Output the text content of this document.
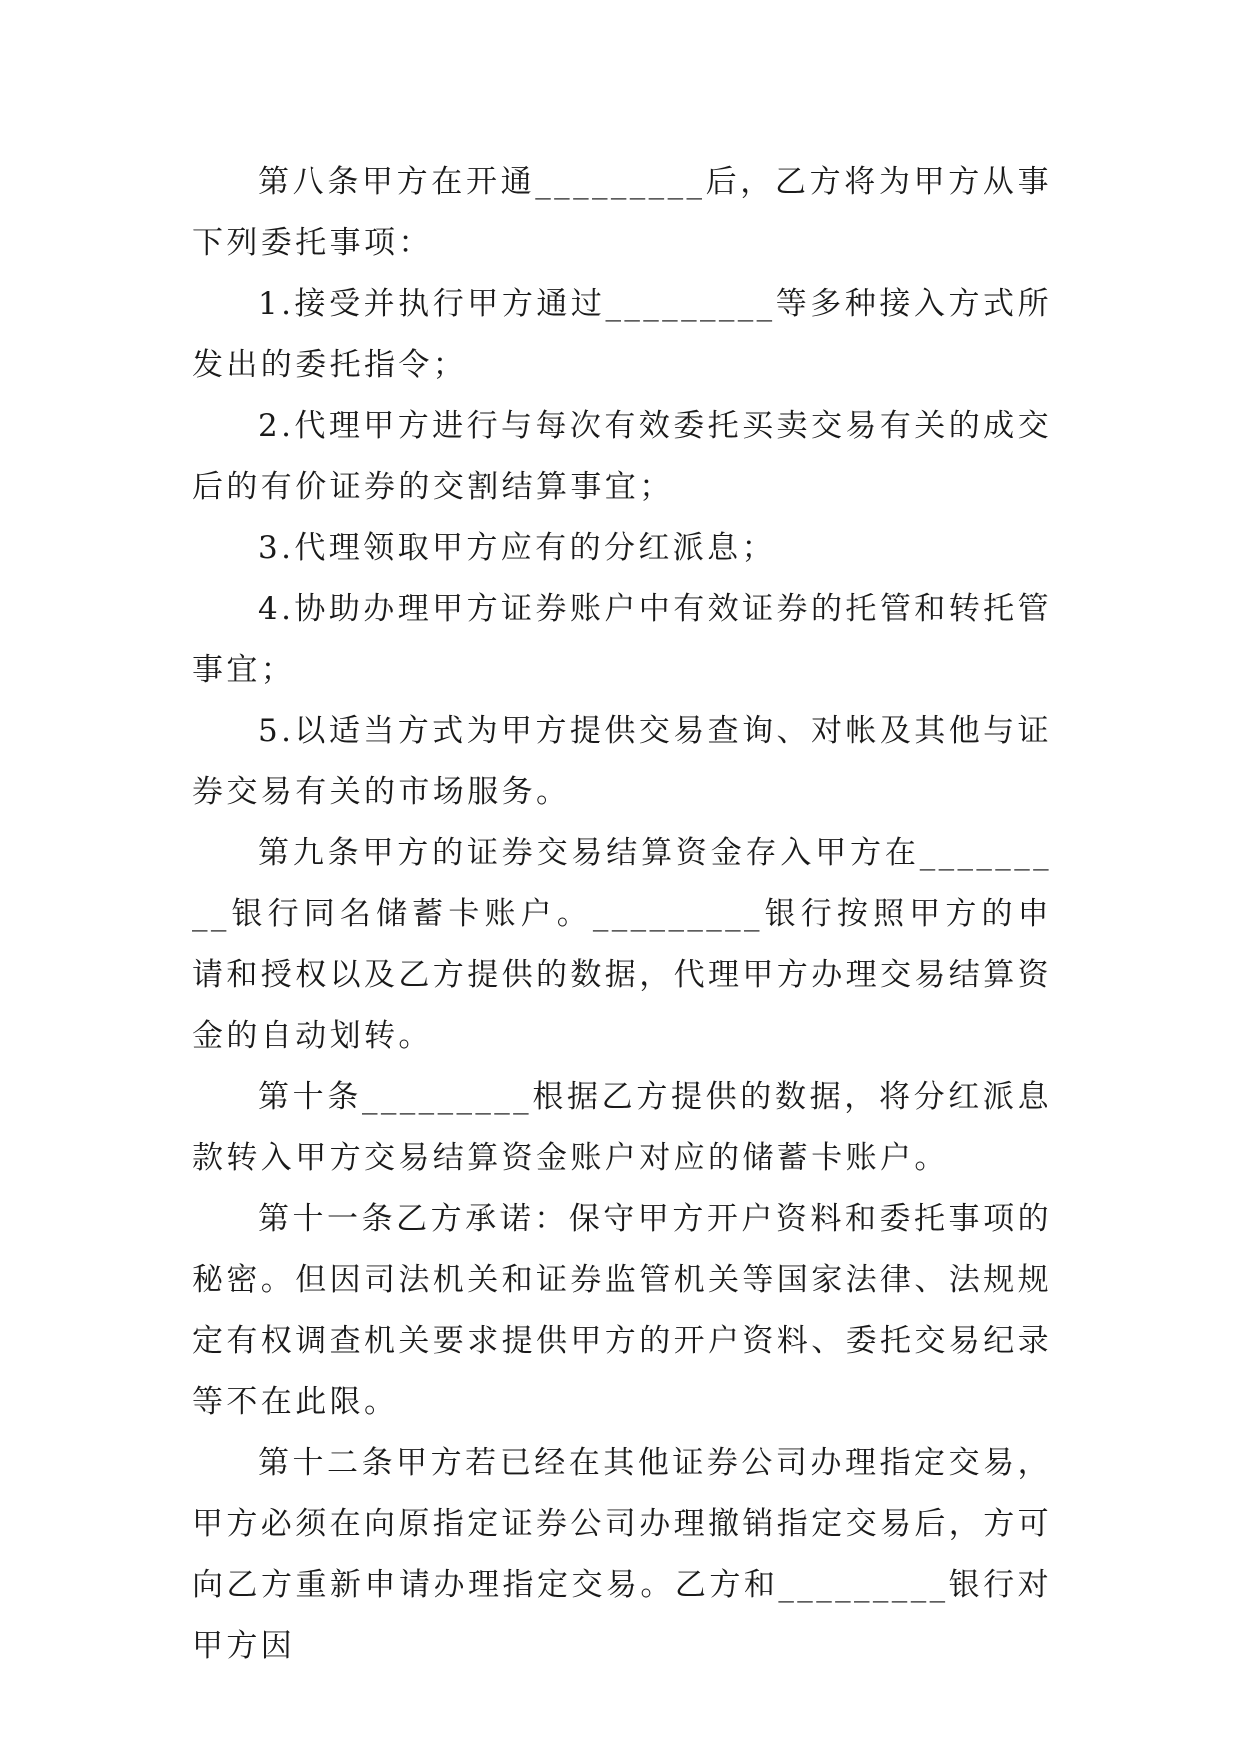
第八条甲方在开通_________后，乙方将为甲方从事下列委托事项：

1.接受并执行甲方通过_________等多种接入方式所发出的委托指令；

2.代理甲方进行与每次有效委托买卖交易有关的成交后的有价证券的交割结算事宜；

3.代理领取甲方应有的分红派息；

4.协助办理甲方证券账户中有效证券的托管和转托管事宜；

5.以适当方式为甲方提供交易查询、对帐及其他与证券交易有关的市场服务。

第九条甲方的证券交易结算资金存入甲方在_________银行同名储蓄卡账户。_________银行按照甲方的申请和授权以及乙方提供的数据，代理甲方办理交易结算资金的自动划转。

第十条_________根据乙方提供的数据，将分红派息款转入甲方交易结算资金账户对应的储蓄卡账户。

第十一条乙方承诺：保守甲方开户资料和委托事项的秘密。但因司法机关和证券监管机关等国家法律、法规规定有权调查机关要求提供甲方的开户资料、委托交易纪录等不在此限。

第十二条甲方若已经在其他证券公司办理指定交易，甲方必须在向原指定证券公司办理撤销指定交易后，方可向乙方重新申请办理指定交易。乙方和_________银行对甲方因
